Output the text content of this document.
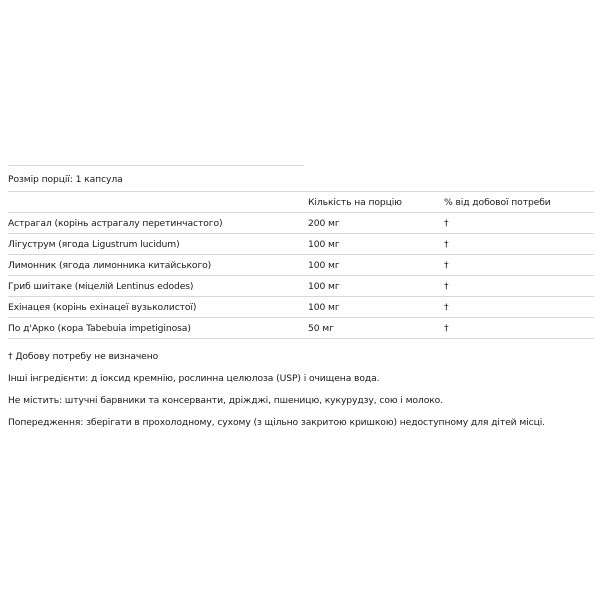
Розмір порції: 1 капсула
	Кількість на порцію	% від добової потреби
Астрагал (корінь астрагалу перетинчастого)	200 мг	†
Лігуструм (ягода Ligustrum lucidum)	100 мг	†
Лимонник (ягода лимонника китайського)	100 мг	†
Гриб шиітаке (міцелій Lentinus edodes)	100 мг	†
Ехінацея (корінь ехінацеї вузьколистої)	100 мг	†
По д'Арко (кора Tabebuia impetiginosa)	50 мг	†
† Добову потребу не визначено
Інші інгредієнти: д іоксид кремнію, рослинна целюлоза (USP) і очищена вода.
Не містить: штучні барвники та консерванти, дріжджі, пшеницю, кукурудзу, сою і молоко.
Попередження: зберігати в прохолодному, сухому (з щільно закритою кришкою) недоступному для дітей місці.
